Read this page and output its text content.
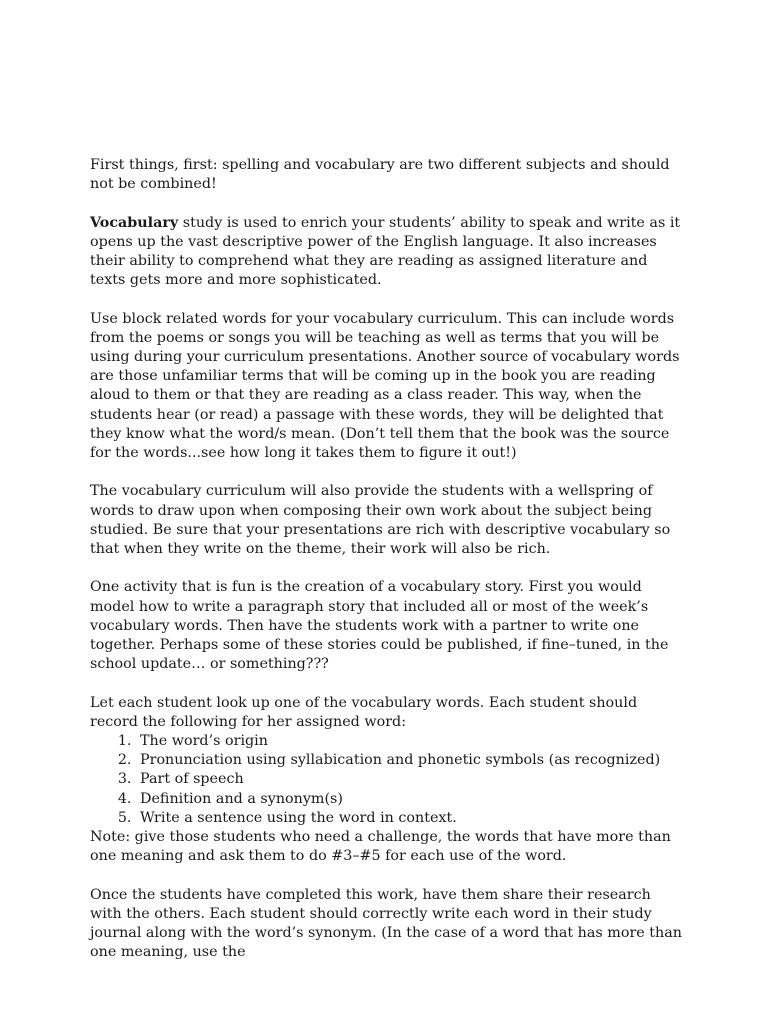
First things, first: spelling and vocabulary are two different subjects and should not be combined!

Vocabulary study is used to enrich your students’ ability to speak and write as it opens up the vast descriptive power of the English language. It also increases their ability to comprehend what they are reading as assigned literature and texts gets more and more sophisticated.

Use block related words for your vocabulary curriculum. This can include words from the poems or songs you will be teaching as well as terms that you will be using during your curriculum presentations. Another source of vocabulary words are those unfamiliar terms that will be coming up in the book you are reading aloud to them or that they are reading as a class reader. This way, when the students hear (or read) a passage with these words, they will be delighted that they know what the word/s mean. (Don’t tell them that the book was the source for the words...see how long it takes them to figure it out!)

The vocabulary curriculum will also provide the students with a wellspring of words to draw upon when composing their own work about the subject being studied. Be sure that your presentations are rich with descriptive vocabulary so that when they write on the theme, their work will also be rich.

One activity that is fun is the creation of a vocabulary story. First you would model how to write a paragraph story that included all or most of the week’s vocabulary words. Then have the students work with a partner to write one together. Perhaps some of these stories could be published, if fine–tuned, in the school update… or something???

Let each student look up one of the vocabulary words. Each student should record the following for her assigned word:

1. The word’s origin
2. Pronunciation using syllabication and phonetic symbols (as recognized)
3. Part of speech
4. Definition and a synonym(s)
5. Write a sentence using the word in context.

Note: give those students who need a challenge, the words that have more than one meaning and ask them to do #3–#5 for each use of the word.

Once the students have completed this work, have them share their research with the others. Each student should correctly write each word in their study journal along with the word’s synonym. (In the case of a word that has more than one meaning, use the
